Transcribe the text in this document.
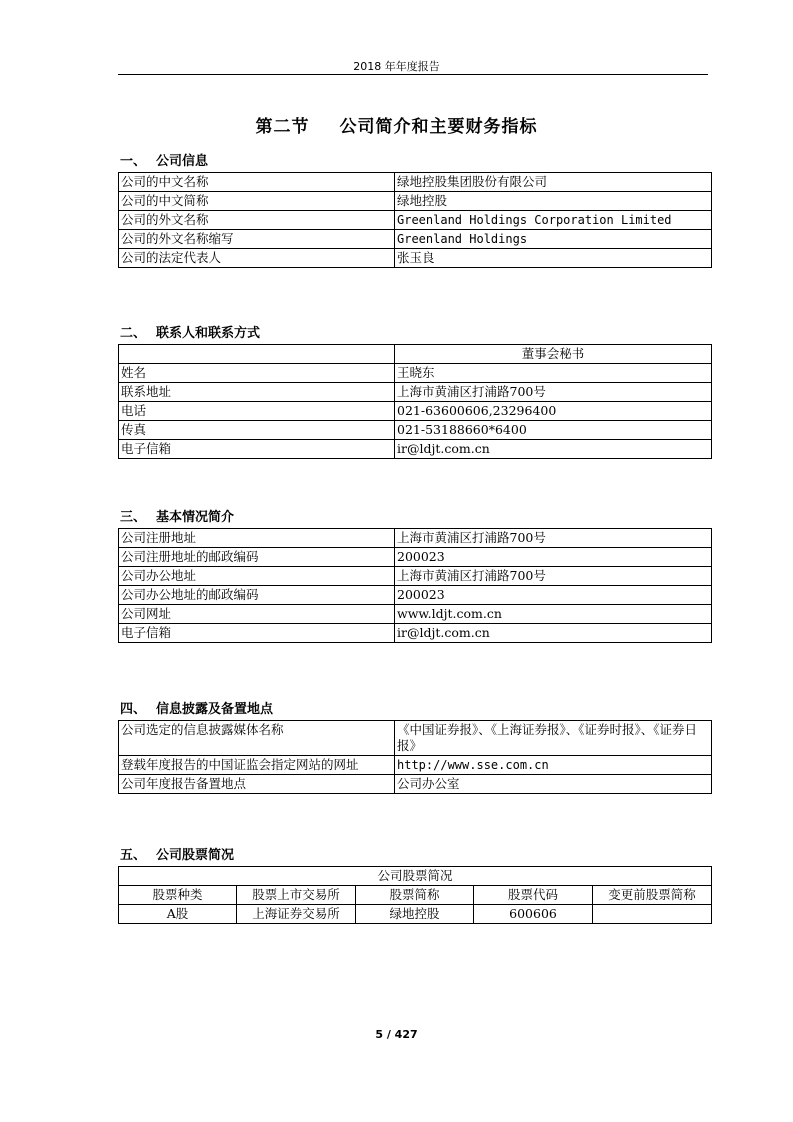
2018 年年度报告
第二节 公司简介和主要财务指标
一、 公司信息
公司的中文名称	绿地控股集团股份有限公司
公司的中文简称	绿地控股
公司的外文名称	Greenland Holdings Corporation Limited
公司的外文名称缩写	Greenland Holdings
公司的法定代表人	张玉良
二、 联系人和联系方式
	董事会秘书
姓名	王晓东
联系地址	上海市黄浦区打浦路700号
电话	021-63600606,23296400
传真	021-53188660*6400
电子信箱	ir@ldjt.com.cn
三、 基本情况简介
公司注册地址	上海市黄浦区打浦路700号
公司注册地址的邮政编码	200023
公司办公地址	上海市黄浦区打浦路700号
公司办公地址的邮政编码	200023
公司网址	www.ldjt.com.cn
电子信箱	ir@ldjt.com.cn
四、 信息披露及备置地点
公司选定的信息披露媒体名称	《中国证券报》、《上海证券报》、《证券时报》、《证券日报》
登载年度报告的中国证监会指定网站的网址	http://www.sse.com.cn
公司年度报告备置地点	公司办公室
五、 公司股票简况
公司股票简况				
股票种类	股票上市交易所	股票简称	股票代码	变更前股票简称
A股	上海证券交易所	绿地控股	600606	
5 / 427
